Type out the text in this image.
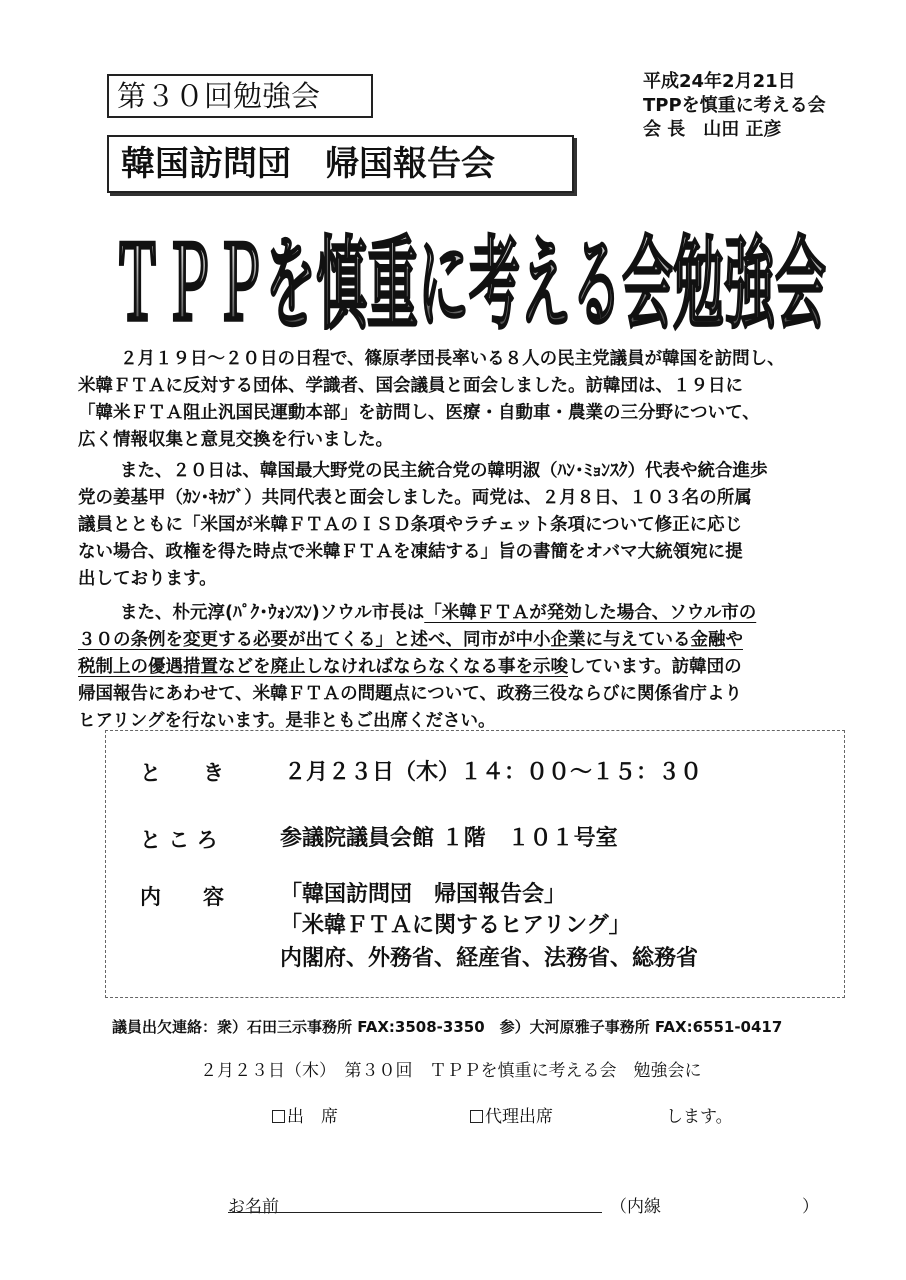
第３０回勉強会
韓国訪問団　帰国報告会
平成24年2月21日
TPPを慎重に考える会
会 長　山田 正彦
ＴＰＰを慎重に考える会勉強会
２月１９日～２０日の日程で、篠原孝団長率いる８人の民主党議員が韓国を訪問し、
米韓ＦＴＡに反対する団体、学識者、国会議員と面会しました。訪韓団は、１９日に
「韓米ＦＴＡ阻止汎国民運動本部」を訪問し、医療・自動車・農業の三分野について、
広く情報収集と意見交換を行いました。
また、２０日は、韓国最大野党の民主統合党の韓明淑（ﾊﾝ･ﾐｮﾝｽｸ）代表や統合進歩
党の姜基甲（ｶﾝ･ｷｶﾌﾞ）共同代表と面会しました。両党は、２月８日、１０３名の所属
議員とともに「米国が米韓ＦＴＡのＩＳＤ条項やラチェット条項について修正に応じ
ない場合、政権を得た時点で米韓ＦＴＡを凍結する」旨の書簡をオバマ大統領宛に提
出しております。
また、朴元淳(ﾊﾟｸ･ｳｫﾝｽﾝ)ソウル市長は「米韓ＦＴＡが発効した場合、ソウル市の
３０の条例を変更する必要が出てくる」と述べ、同市が中小企業に与えている金融や
税制上の優遇措置などを廃止しなければならなくなる事を示唆しています。訪韓団の
帰国報告にあわせて、米韓ＦＴＡの問題点について、政務三役ならびに関係省庁より
ヒアリングを行ないます。是非ともご出席ください。
と　　き	２月２３日（木）１４：００～１５：３０
と こ ろ	参議院議員会館 １階　１０１号室
内　　容	「韓国訪問団　帰国報告会」
「米韓ＦＴＡに関するヒアリング」
内閣府、外務省、経産省、法務省、総務省
議員出欠連絡：衆）石田三示事務所 FAX:3508-3350　参）大河原雅子事務所 FAX:6551-0417
２月２３日（木）　第３０回　ＴＰＰを慎重に考える会　勉強会に
出　席	代理出席	します。
お名前	（内線	）
